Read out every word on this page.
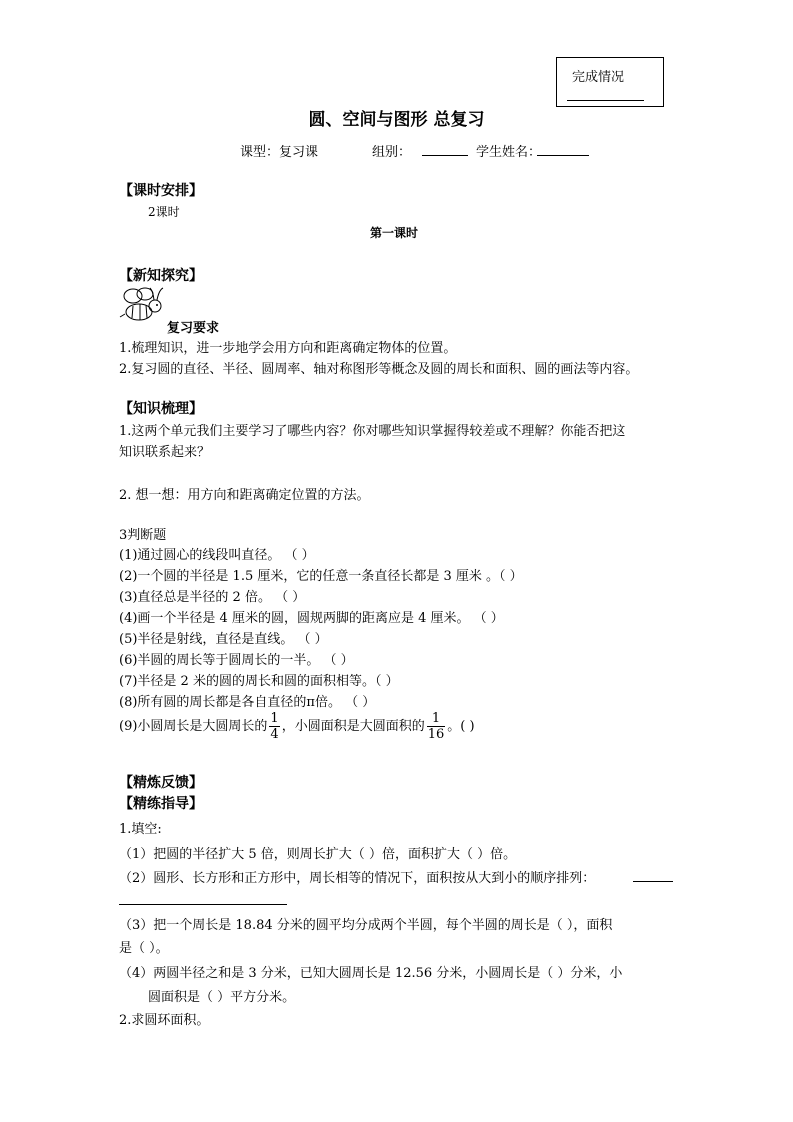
完成情况
圆、空间与图形 总复习
课型：复习课	组别：	学生姓名：
【课时安排】
2课时
第一课时
【新知探究】
复习要求
1.梳理知识，进一步地学会用方向和距离确定物体的位置。
2.复习圆的直径、半径、圆周率、轴对称图形等概念及圆的周长和面积、圆的画法等内容。
【知识梳理】
1.这两个单元我们主要学习了哪些内容？你对哪些知识掌握得较差或不理解？你能否把这
知识联系起来？
2. 想一想：用方向和距离确定位置的方法。
3判断题
(1)通过圆心的线段叫直径。 （ ）
(2)一个圆的半径是 1.5 厘米，它的任意一条直径长都是 3 厘米 。（ ）
(3)直径总是半径的 2 倍。 （ ）
(4)画一个半径是 4 厘米的圆，圆规两脚的距离应是 4 厘米。 （ ）
(5)半径是射线，直径是直线。 （ ）
(6)半圆的周长等于圆周长的一半。 （ ）
(7)半径是 2 米的圆的周长和圆的面积相等。（ ）
(8)所有圆的周长都是各自直径的π倍。 （ ）
(9)小圆周长是大圆周长的 $\frac{1}{4}$ ，小圆面积是大圆面积的 $\frac{1}{16}$ 。( )
【精炼反馈】
【精练指导】
1.填空:
（1）把圆的半径扩大 5 倍，则周长扩大（ ）倍，面积扩大（ ）倍。
（2）圆形、长方形和正方形中，周长相等的情况下，面积按从大到小的顺序排列：
（3）把一个周长是 18.84 分米的圆平均分成两个半圆，每个半圆的周长是（ ），面积
是（ ）。
（4）两圆半径之和是 3 分米，已知大圆周长是 12.56 分米，小圆周长是（ ）分米，小
圆面积是（ ）平方分米。
2.求圆环面积。
